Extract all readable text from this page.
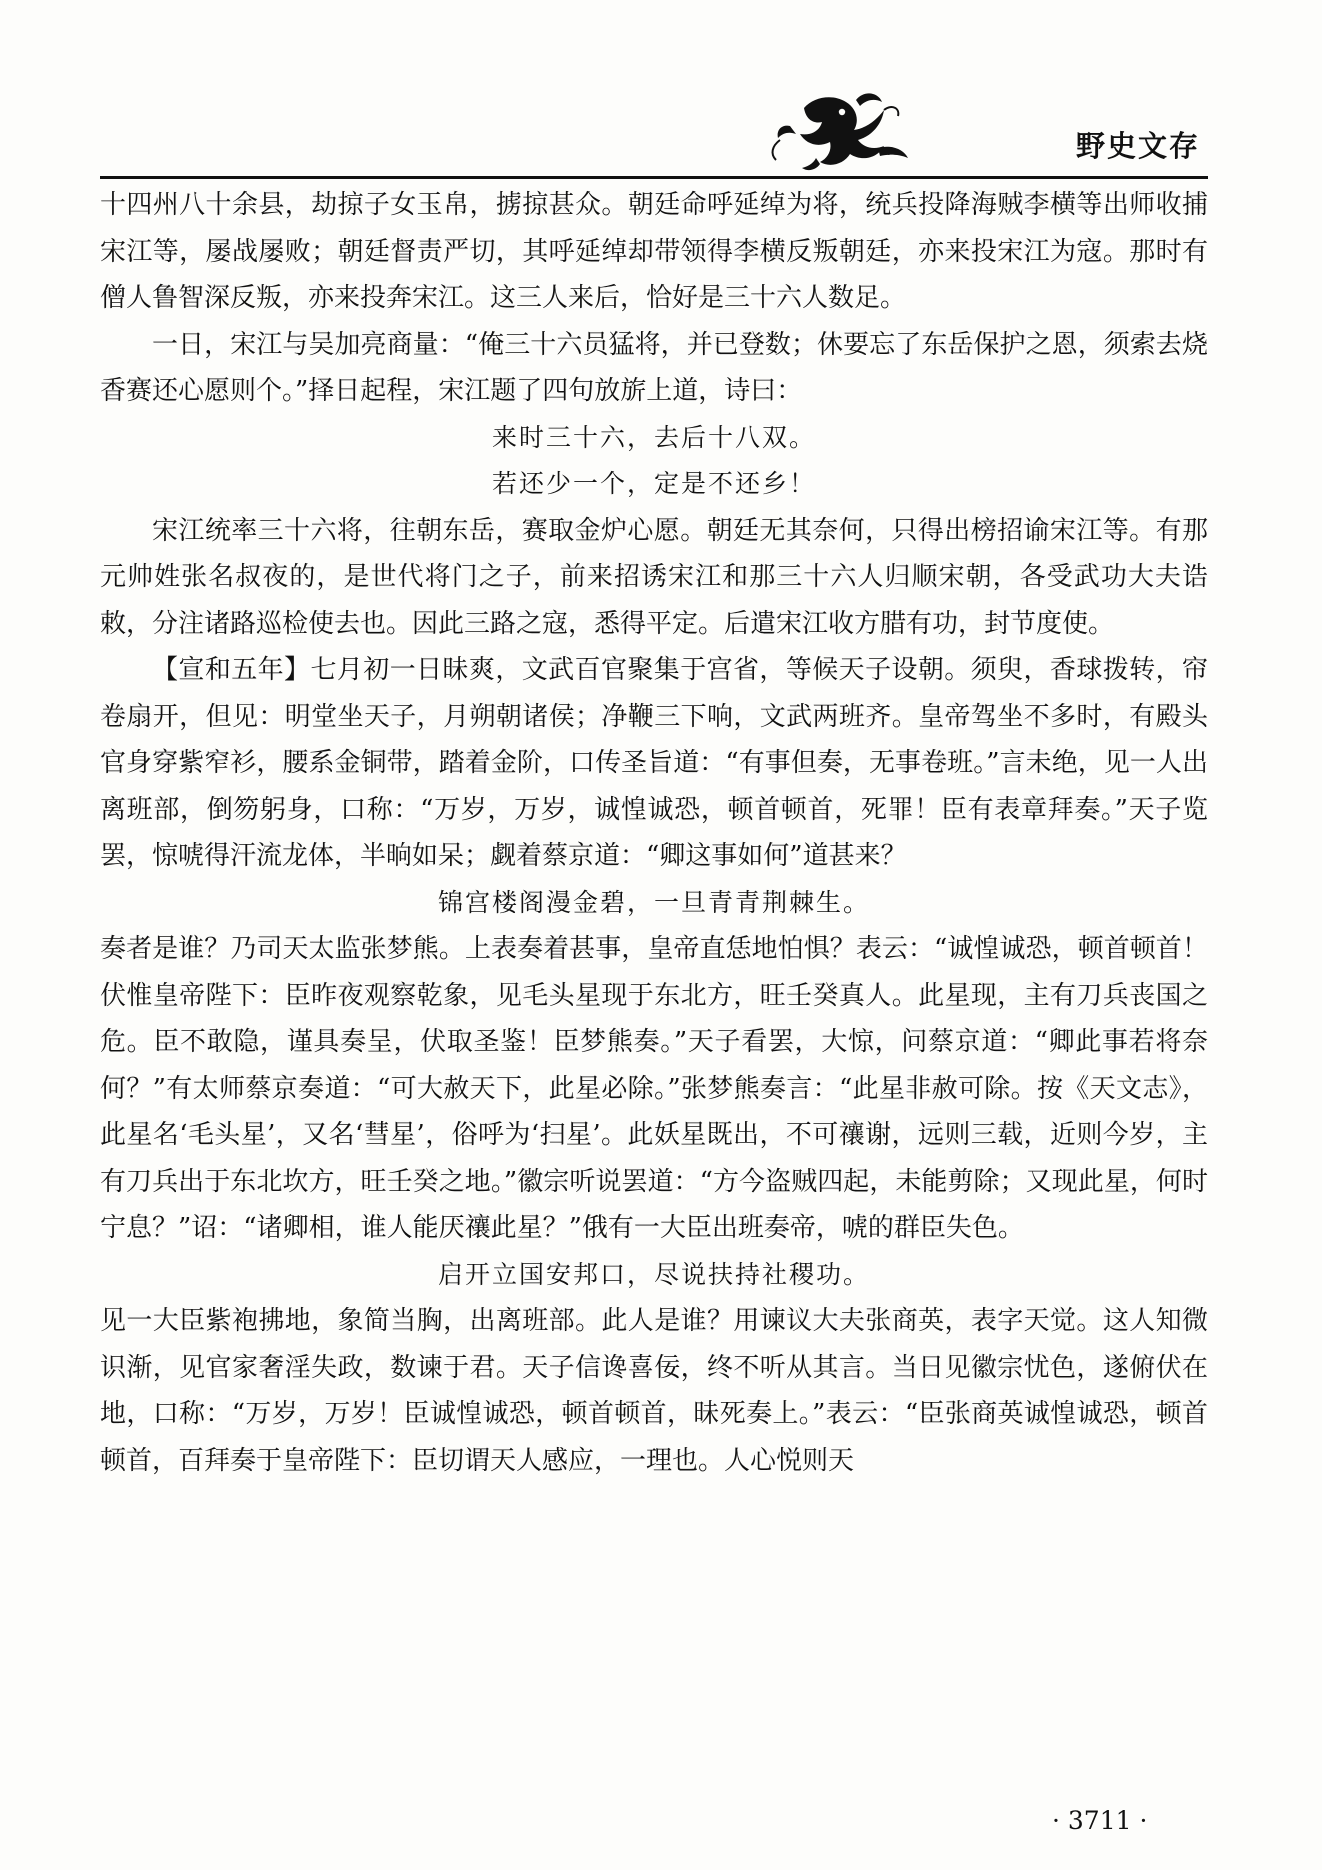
野史文存

十四州八十余县，劫掠子女玉帛，掳掠甚众。朝廷命呼延绰为将，统兵投降海贼李横等出师收捕宋江等，屡战屡败；朝廷督责严切，其呼延绰却带领得李横反叛朝廷，亦来投宋江为寇。那时有僧人鲁智深反叛，亦来投奔宋江。这三人来后，恰好是三十六人数足。

一日，宋江与吴加亮商量：“俺三十六员猛将，并已登数；休要忘了东岳保护之恩，须索去烧香赛还心愿则个。”择日起程，宋江题了四句放旂上道，诗曰：

来时三十六，去后十八双。

若还少一个，定是不还乡！

宋江统率三十六将，往朝东岳，赛取金炉心愿。朝廷无其奈何，只得出榜招谕宋江等。有那元帅姓张名叔夜的，是世代将门之子，前来招诱宋江和那三十六人归顺宋朝，各受武功大夫诰敕，分注诸路巡检使去也。因此三路之寇，悉得平定。后遣宋江收方腊有功，封节度使。

【宣和五年】七月初一日昧爽，文武百官聚集于宫省，等候天子设朝。须臾，香球拨转，帘卷扇开，但见：明堂坐天子，月朔朝诸侯；净鞭三下响，文武两班齐。皇帝驾坐不多时，有殿头官身穿紫窄衫，腰系金铜带，踏着金阶，口传圣旨道：“有事但奏，无事卷班。”言未绝，见一人出离班部，倒笏躬身，口称：“万岁，万岁，诚惶诚恐，顿首顿首，死罪！臣有表章拜奏。”天子览罢，惊唬得汗流龙体，半晌如呆；觑着蔡京道：“卿这事如何”道甚来？

锦宫楼阁漫金碧，一旦青青荆棘生。

奏者是谁？乃司天太监张梦熊。上表奏着甚事，皇帝直恁地怕惧？表云：“诚惶诚恐，顿首顿首！伏惟皇帝陛下：臣昨夜观察乾象，见毛头星现于东北方，旺壬癸真人。此星现，主有刀兵丧国之危。臣不敢隐，谨具奏呈，伏取圣鉴！臣梦熊奏。”天子看罢，大惊，问蔡京道：“卿此事若将奈何？”有太师蔡京奏道：“可大赦天下，此星必除。”张梦熊奏言：“此星非赦可除。按《天文志》，此星名‘毛头星’，又名‘彗星’，俗呼为‘扫星’。此妖星既出，不可禳谢，远则三载，近则今岁，主有刀兵出于东北坎方，旺壬癸之地。”徽宗听说罢道：“方今盗贼四起，未能剪除；又现此星，何时宁息？”诏：“诸卿相，谁人能厌禳此星？”俄有一大臣出班奏帝，唬的群臣失色。

启开立国安邦口，尽说扶持社稷功。

见一大臣紫袍拂地，象简当胸，出离班部。此人是谁？用谏议大夫张商英，表字天觉。这人知微识渐，见官家奢淫失政，数谏于君。天子信谗喜佞，终不听从其言。当日见徽宗忧色，遂俯伏在地，口称：“万岁，万岁！臣诚惶诚恐，顿首顿首，昧死奏上。”表云：“臣张商英诚惶诚恐，顿首顿首，百拜奏于皇帝陛下：臣切谓天人感应，一理也。人心悦则天

· 3711 ·
